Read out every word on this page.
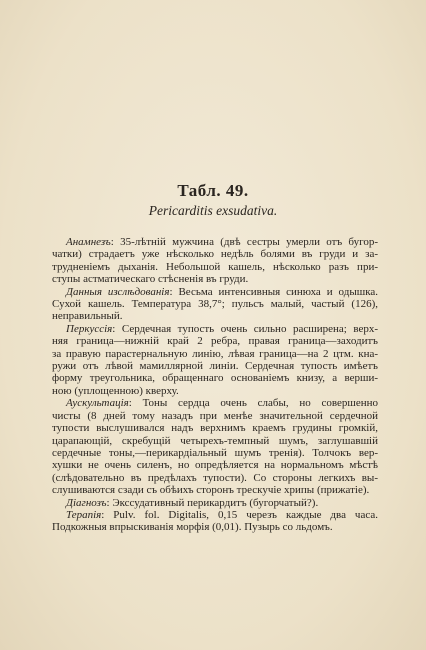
Табл. 49.
Pericarditis exsudativa.
Анамнезъ: 35-лѣтній мужчина (двѣ сестры умерли отъ бугор-
чатки) страдаетъ уже нѣсколько недѣль болями въ груди и за-
трудненіемъ дыханія. Небольшой кашель, нѣсколько разъ при-
ступы астматическаго стѣсненія въ груди.
Данныя изслѣдованія: Весьма интенсивныя синюха и одышка.
Сухой кашель. Температура 38,7°; пульсъ малый, частый (126),
неправильный.
Перкуссія: Сердечная тупость очень сильно расширена; верх-
няя граница—нижній край 2 ребра, правая граница—заходитъ
за правую парастернальную линію, лѣвая граница—на 2 цтм. кна-
ружи отъ лѣвой мамиллярной линіи. Сердечная тупость имѣетъ
форму треугольника, обращеннаго основаніемъ книзу, а верши-
ною (уплощенною) кверху.
Аускультація: Тоны сердца очень слабы, но совершенно
чисты (8 дней тому назадъ при менѣе значительной сердечной
тупости выслушивался надъ верхнимъ краемъ грудины громкій,
царапающій, скребущій четырехъ-темпный шумъ, заглушавшій
сердечные тоны,—перикардіальный шумъ тренія). Толчокъ вер-
хушки не очень силенъ, но опредѣляется на нормальномъ мѣстѣ
(слѣдовательно въ предѣлахъ тупости). Со стороны легкихъ вы-
слушиваются сзади съ обѣихъ сторонъ трескучіе хрипы (прижатіе).
Діагнозъ: Экссудативный перикардитъ (бугорчатый?).
Терапія: Pulv. fol. Digitalis, 0,15 черезъ каждые два часа.
Подкожныя впрыскиванія морфія (0,01). Пузырь со льдомъ.
